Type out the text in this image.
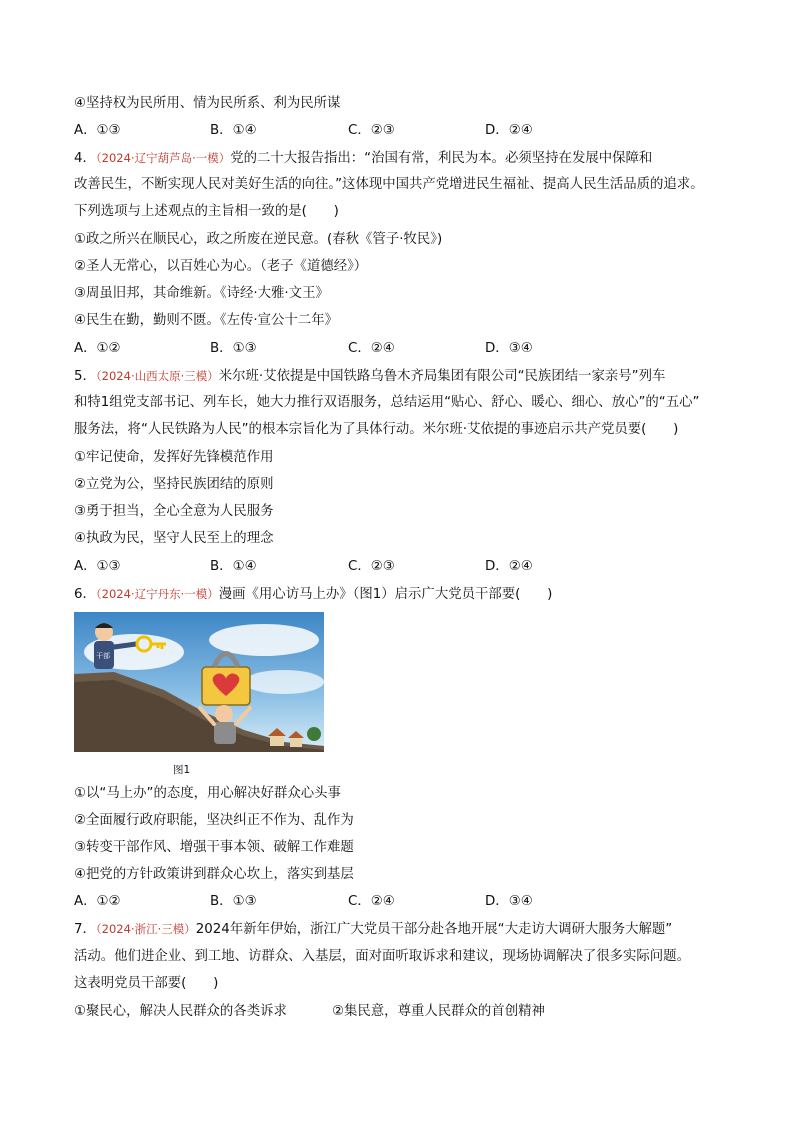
④坚持权为民所用、情为民所系、利为民所谋
A．①③	B．①④	C．②③	D．②④
4．（2024·辽宁葫芦岛·一模）党的二十大报告指出：“治国有常，利民为本。必须坚持在发展中保障和
改善民生，不断实现人民对美好生活的向往。”这体现中国共产党增进民生福祉、提高人民生活品质的追求。
下列选项与上述观点的主旨相一致的是(　　)
①政之所兴在顺民心，政之所废在逆民意。(春秋《管子·牧民》)
②圣人无常心，以百姓心为心。（老子《道德经》）
③周虽旧邦，其命维新。《诗经·大雅·文王》
④民生在勤，勤则不匮。《左传·宣公十二年》
A．①②	B．①③	C．②④	D．③④
5．（2024·山西太原·三模）米尔班·艾依提是中国铁路乌鲁木齐局集团有限公司“民族团结一家亲号”列车
和特1组党支部书记、列车长，她大力推行双语服务，总结运用“贴心、舒心、暖心、细心、放心”的“五心”
服务法，将“人民铁路为人民”的根本宗旨化为了具体行动。米尔班·艾依提的事迹启示共产党员要(　　)
①牢记使命，发挥好先锋模范作用
②立党为公，坚持民族团结的原则
③勇于担当，全心全意为人民服务
④执政为民，坚守人民至上的理念
A．①③	B．①④	C．②③	D．②④
6．（2024·辽宁丹东·一模）漫画《用心访马上办》（图1）启示广大党员干部要(　　)
干部
图1
①以“马上办”的态度，用心解决好群众心头事
②全面履行政府职能，坚决纠正不作为、乱作为
③转变干部作风、增强干事本领、破解工作难题
④把党的方针政策讲到群众心坎上，落实到基层
A．①②	B．①③	C．②④	D．③④
7．（2024·浙江·三模）2024年新年伊始，浙江广大党员干部分赴各地开展“大走访大调研大服务大解题”
活动。他们进企业、到工地、访群众、入基层，面对面听取诉求和建议，现场协调解决了很多实际问题。
这表明党员干部要(　　)
①聚民心，解决人民群众的各类诉求	②集民意，尊重人民群众的首创精神
